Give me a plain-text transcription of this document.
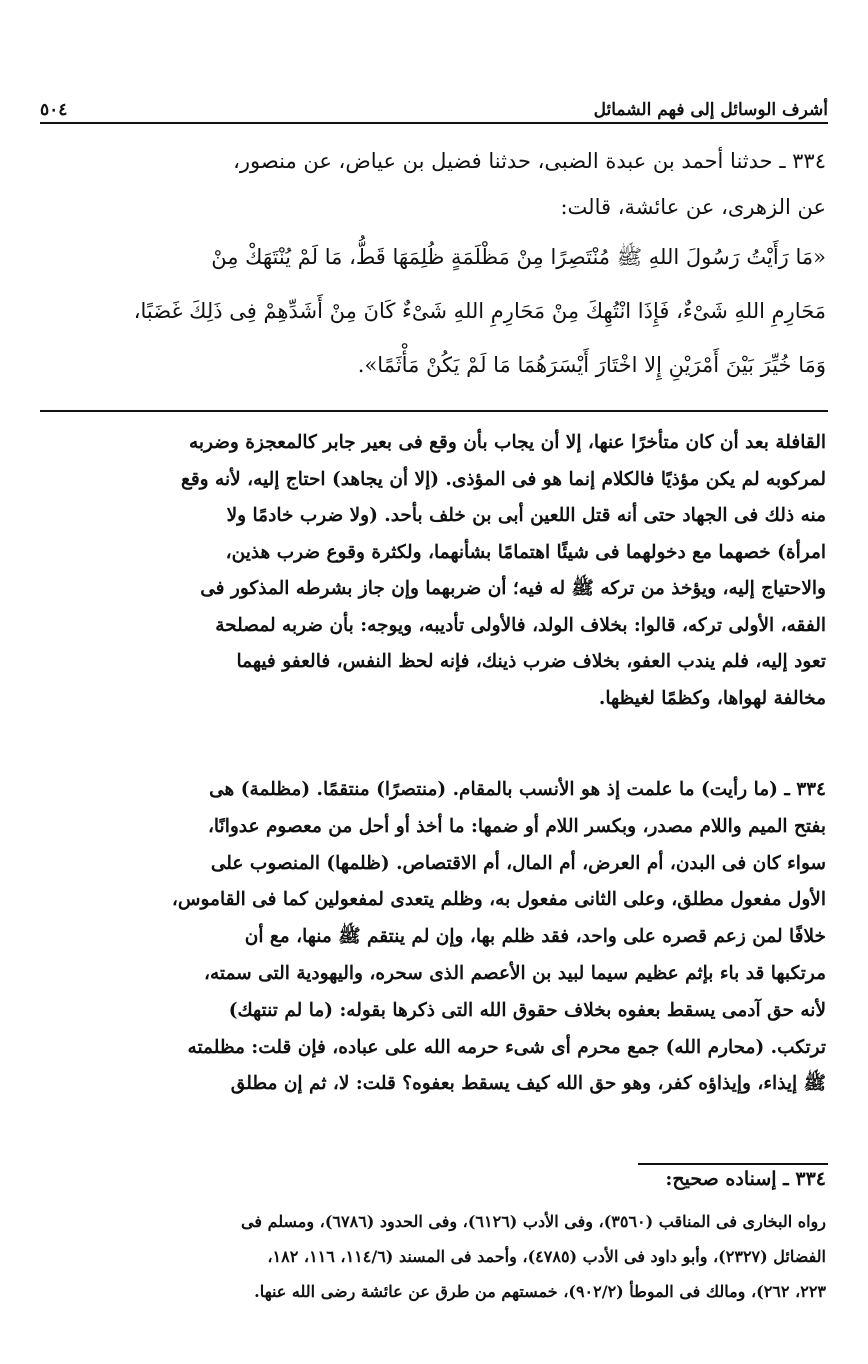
أشرف الوسائل إلى فهم الشمائل
٥٠٤
٣٣٤ ـ حدثنا أحمد بن عبدة الضبى، حدثنا فضيل بن عياض، عن منصور،
عن الزهرى، عن عائشة، قالت:
«مَا رَأَيْتُ رَسُولَ اللهِ ﷺ مُنْتَصِرًا مِنْ مَظْلَمَةٍ ظُلِمَهَا قَطُّ، مَا لَمْ يُنْتَهَكْ مِنْ
مَحَارِمِ اللهِ شَىْءٌ، فَإِذَا انْتُهِكَ مِنْ مَحَارِمِ اللهِ شَىْءٌ كَانَ مِنْ أَشَدِّهِمْ فِى ذَلِكَ غَضَبًا،
وَمَا خُيِّرَ بَيْنَ أَمْرَيْنِ إِلا اخْتَارَ أَيْسَرَهُمَا مَا لَمْ يَكُنْ مَأْثَمًا».
القافلة بعد أن كان متأخرًا عنها، إلا أن يجاب بأن وقع فى بعير جابر كالمعجزة وضربه
لمركوبه لم يكن مؤذيًا فالكلام إنما هو فى المؤذى. (إلا أن يجاهد) احتاج إليه، لأنه وقع
منه ذلك فى الجهاد حتى أنه قتل اللعين أبى بن خلف بأحد. (ولا ضرب خادمًا ولا
امرأة) خصهما مع دخولهما فى شيئًا اهتمامًا بشأنهما، ولكثرة وقوع ضرب هذين،
والاحتياج إليه، ويؤخذ من تركه ﷺ له فيه؛ أن ضربهما وإن جاز بشرطه المذكور فى
الفقه، الأولى تركه، قالوا: بخلاف الولد، فالأولى تأديبه، ويوجه: بأن ضربه لمصلحة
تعود إليه، فلم يندب العفو، بخلاف ضرب ذينك، فإنه لحظ النفس، فالعفو فيهما
مخالفة لهواها، وكظمًا لغيظها.
٣٣٤ ـ (ما رأيت) ما علمت إذ هو الأنسب بالمقام. (منتصرًا) منتقمًا. (مظلمة) هى
بفتح الميم واللام مصدر، وبكسر اللام أو ضمها: ما أخذ أو أحل من معصوم عدوانًا،
سواء كان فى البدن، أم العرض، أم المال، أم الاقتصاص. (ظلمها) المنصوب على
الأول مفعول مطلق، وعلى الثانى مفعول به، وظلم يتعدى لمفعولين كما فى القاموس،
خلافًا لمن زعم قصره على واحد، فقد ظلم بها، وإن لم ينتقم ﷺ منها، مع أن
مرتكبها قد باء بإثم عظيم سيما لبيد بن الأعصم الذى سحره، واليهودية التى سمته،
لأنه حق آدمى يسقط بعفوه بخلاف حقوق الله التى ذكرها بقوله: (ما لم تنتهك)
ترتكب. (محارم الله) جمع محرم أى شىء حرمه الله على عباده، فإن قلت: مظلمته
ﷺ إيذاء، وإيذاؤه كفر، وهو حق الله كيف يسقط بعفوه؟ قلت: لا، ثم إن مطلق
٣٣٤ ـ إسناده صحيح:
رواه البخارى فى المناقب (٣٥٦٠)، وفى الأدب (٦١٢٦)، وفى الحدود (٦٧٨٦)، ومسلم فى
الفضائل (٢٣٢٧)، وأبو داود فى الأدب (٤٧٨٥)، وأحمد فى المسند (١١٤/٦، ١١٦، ١٨٢،
٢٢٣، ٢٦٢)، ومالك فى الموطأ (٩٠٢/٢)، خمستهم من طرق عن عائشة رضى الله عنها.
